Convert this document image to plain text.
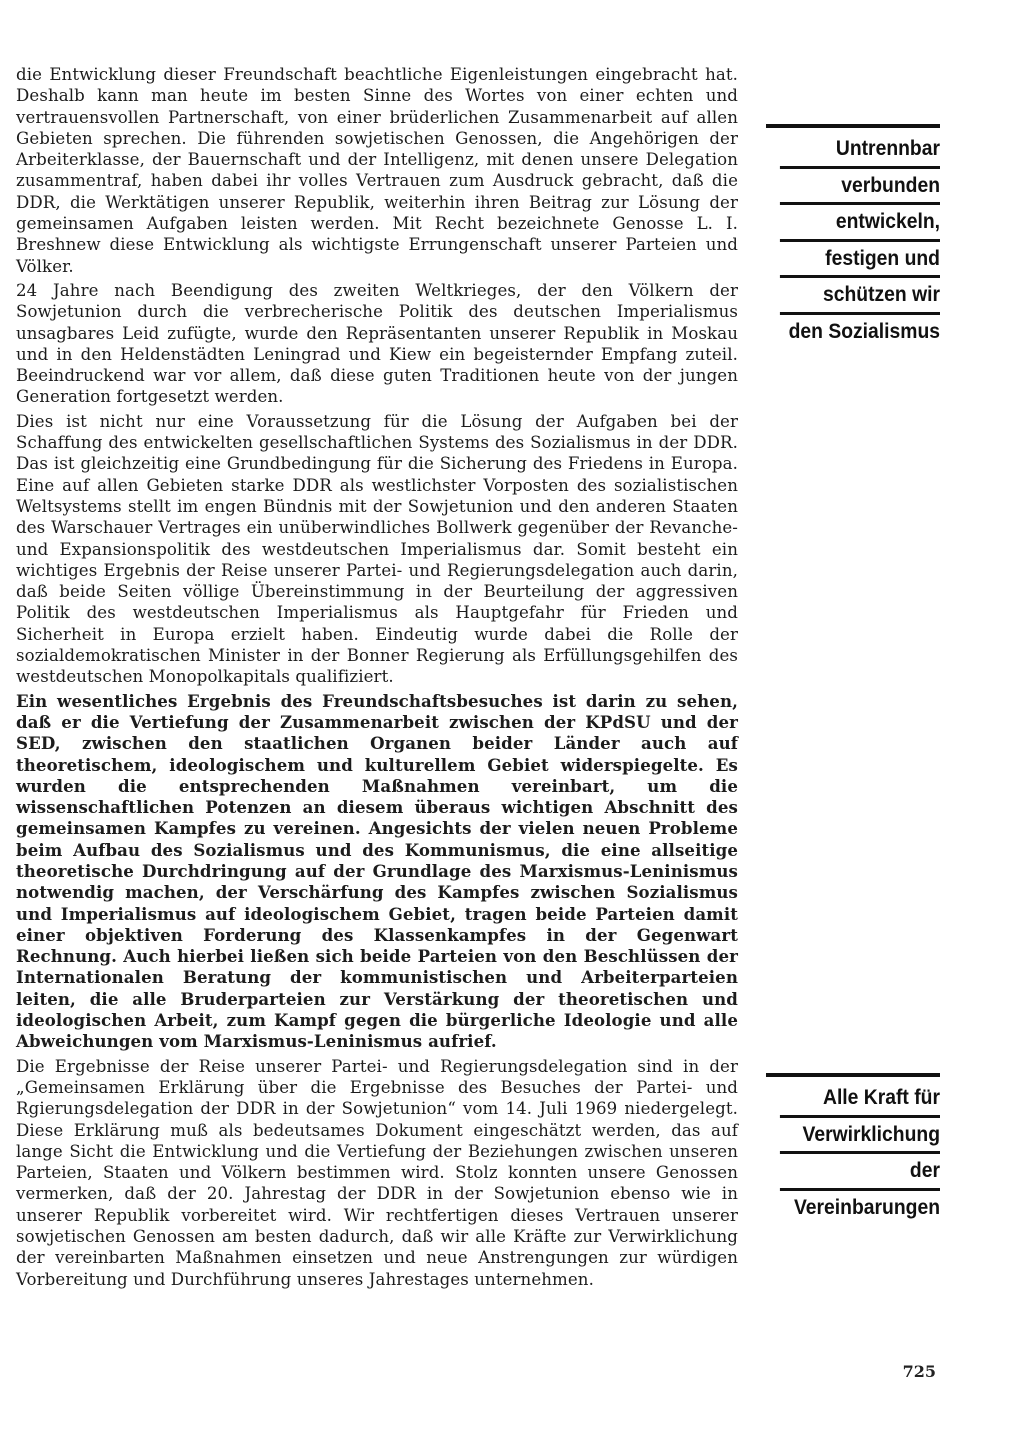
die Entwicklung dieser Freundschaft beachtliche Eigenleistungen eingebracht hat. Deshalb kann man heute im besten Sinne des Wortes von einer echten und vertrauensvollen Partnerschaft, von einer brüderlichen Zusammenarbeit auf allen Gebieten sprechen. Die führenden sowjetischen Genossen, die Angehörigen der Arbeiterklasse, der Bauernschaft und der Intelligenz, mit denen unsere Delegation zusammentraf, haben dabei ihr volles Vertrauen zum Ausdruck gebracht, daß die DDR, die Werktätigen unserer Republik, weiterhin ihren Beitrag zur Lösung der gemeinsamen Aufgaben leisten werden. Mit Recht bezeichnete Genosse L. I. Breshnew diese Entwicklung als wichtigste Errungenschaft unserer Parteien und Völker.

24 Jahre nach Beendigung des zweiten Weltkrieges, der den Völkern der Sowjetunion durch die verbrecherische Politik des deutschen Imperialismus unsagbares Leid zufügte, wurde den Repräsentanten unserer Republik in Moskau und in den Heldenstädten Leningrad und Kiew ein begeisternder Empfang zuteil. Beeindruckend war vor allem, daß diese guten Traditionen heute von der jungen Generation fortgesetzt werden.

Dies ist nicht nur eine Voraussetzung für die Lösung der Aufgaben bei der Schaffung des entwickelten gesellschaftlichen Systems des Sozialismus in der DDR. Das ist gleichzeitig eine Grundbedingung für die Sicherung des Friedens in Europa. Eine auf allen Gebieten starke DDR als westlichster Vorposten des sozialistischen Weltsystems stellt im engen Bündnis mit der Sowjetunion und den anderen Staaten des Warschauer Vertrages ein unüberwindliches Bollwerk gegenüber der Revanche- und Expansionspolitik des westdeutschen Imperialismus dar. Somit besteht ein wichtiges Ergebnis der Reise unserer Partei- und Regierungsdelegation auch darin, daß beide Seiten völlige Übereinstimmung in der Beurteilung der aggressiven Politik des westdeutschen Imperialismus als Hauptgefahr für Frieden und Sicherheit in Europa erzielt haben. Eindeutig wurde dabei die Rolle der sozialdemokratischen Minister in der Bonner Regierung als Erfüllungsgehilfen des westdeutschen Monopolkapitals qualifiziert.

Ein wesentliches Ergebnis des Freundschaftsbesuches ist darin zu sehen, daß er die Vertiefung der Zusammenarbeit zwischen der KPdSU und der SED, zwischen den staatlichen Organen beider Länder auch auf theoretischem, ideologischem und kulturellem Gebiet widerspiegelte. Es wurden die entsprechenden Maßnahmen vereinbart, um die wissenschaftlichen Potenzen an diesem überaus wichtigen Abschnitt des gemeinsamen Kampfes zu vereinen. Angesichts der vielen neuen Probleme beim Aufbau des Sozialismus und des Kommunismus, die eine allseitige theoretische Durchdringung auf der Grundlage des Marxismus-Leninismus notwendig machen, der Verschärfung des Kampfes zwischen Sozialismus und Imperialismus auf ideologischem Gebiet, tragen beide Parteien damit einer objektiven Forderung des Klassenkampfes in der Gegenwart Rechnung. Auch hierbei ließen sich beide Parteien von den Beschlüssen der Internationalen Beratung der kommunistischen und Arbeiterparteien leiten, die alle Bruderparteien zur Verstärkung der theoretischen und ideologischen Arbeit, zum Kampf gegen die bürgerliche Ideologie und alle Abweichungen vom Marxismus-Leninismus aufrief.

Die Ergebnisse der Reise unserer Partei- und Regierungsdelegation sind in der „Gemeinsamen Erklärung über die Ergebnisse des Besuches der Partei- und Rgierungsdelegation der DDR in der Sowjetunion“ vom 14. Juli 1969 niedergelegt. Diese Erklärung muß als bedeutsames Dokument eingeschätzt werden, das auf lange Sicht die Entwicklung und die Vertiefung der Beziehungen zwischen unseren Parteien, Staaten und Völkern bestimmen wird. Stolz konnten unsere Genossen vermerken, daß der 20. Jahrestag der DDR in der Sowjetunion ebenso wie in unserer Republik vorbereitet wird. Wir rechtfertigen dieses Vertrauen unserer sowjetischen Genossen am besten dadurch, daß wir alle Kräfte zur Verwirklichung der vereinbarten Maßnahmen einsetzen und neue Anstrengungen zur würdigen Vorbereitung und Durchführung unseres Jahrestages unternehmen.

Untrennbar
verbunden
entwickeln,
festigen und
schützen wir
den Sozialismus
Alle Kraft für
Verwirklichung
der
Vereinbarungen
725
